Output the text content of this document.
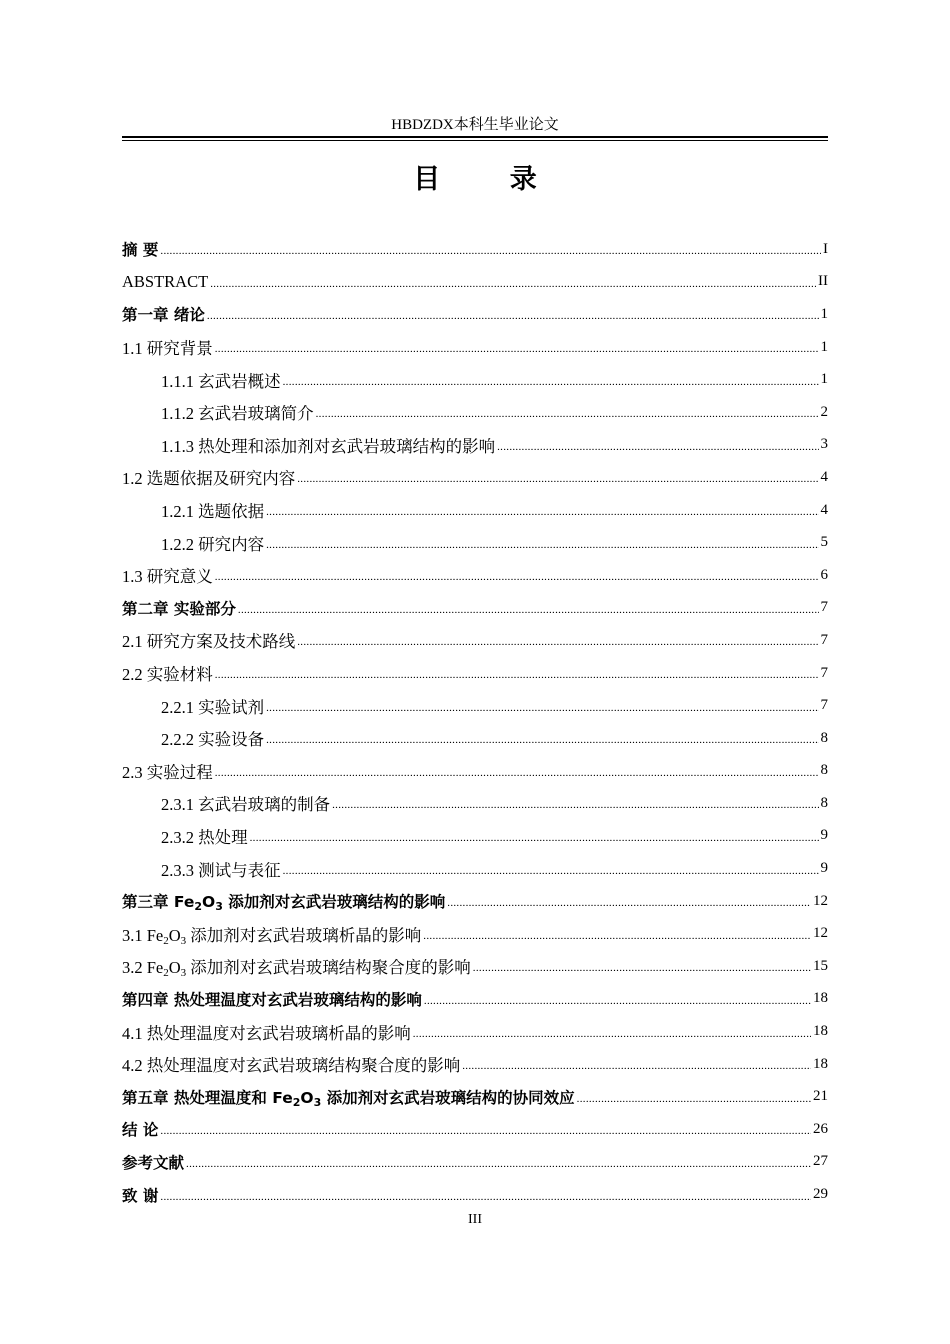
HBDZDX本科生毕业论文
目 录
摘 要 .....	I
ABSTRACT .....	II
第一章 绪论 .....	1
1.1 研究背景 .....	1
1.1.1 玄武岩概述 .....	1
1.1.2 玄武岩玻璃简介 .....	2
1.1.3 热处理和添加剂对玄武岩玻璃结构的影响 .....	3
1.2 选题依据及研究内容 .....	4
1.2.1 选题依据 .....	4
1.2.2 研究内容 .....	5
1.3 研究意义 .....	6
第二章 实验部分 .....	7
2.1 研究方案及技术路线 .....	7
2.2 实验材料 .....	7
2.2.1 实验试剂 .....	7
2.2.2 实验设备 .....	8
2.3 实验过程 .....	8
2.3.1 玄武岩玻璃的制备 .....	8
2.3.2 热处理 .....	9
2.3.3 测试与表征 .....	9
第三章 $Fe_2O_3$ 添加剂对玄武岩玻璃结构的影响 .....	12
3.1 $Fe_2O_3$ 添加剂对玄武岩玻璃析晶的影响 .....	12
3.2 $Fe_2O_3$ 添加剂对玄武岩玻璃结构聚合度的影响 .....	15
第四章 热处理温度对玄武岩玻璃结构的影响 .....	18
4.1 热处理温度对玄武岩玻璃析晶的影响 .....	18
4.2 热处理温度对玄武岩玻璃结构聚合度的影响 .....	18
第五章 热处理温度和 $Fe_2O_3$ 添加剂对玄武岩玻璃结构的协同效应 .....	21
结 论 .....	26
参考文献 .....	27
致 谢 .....	29
III
